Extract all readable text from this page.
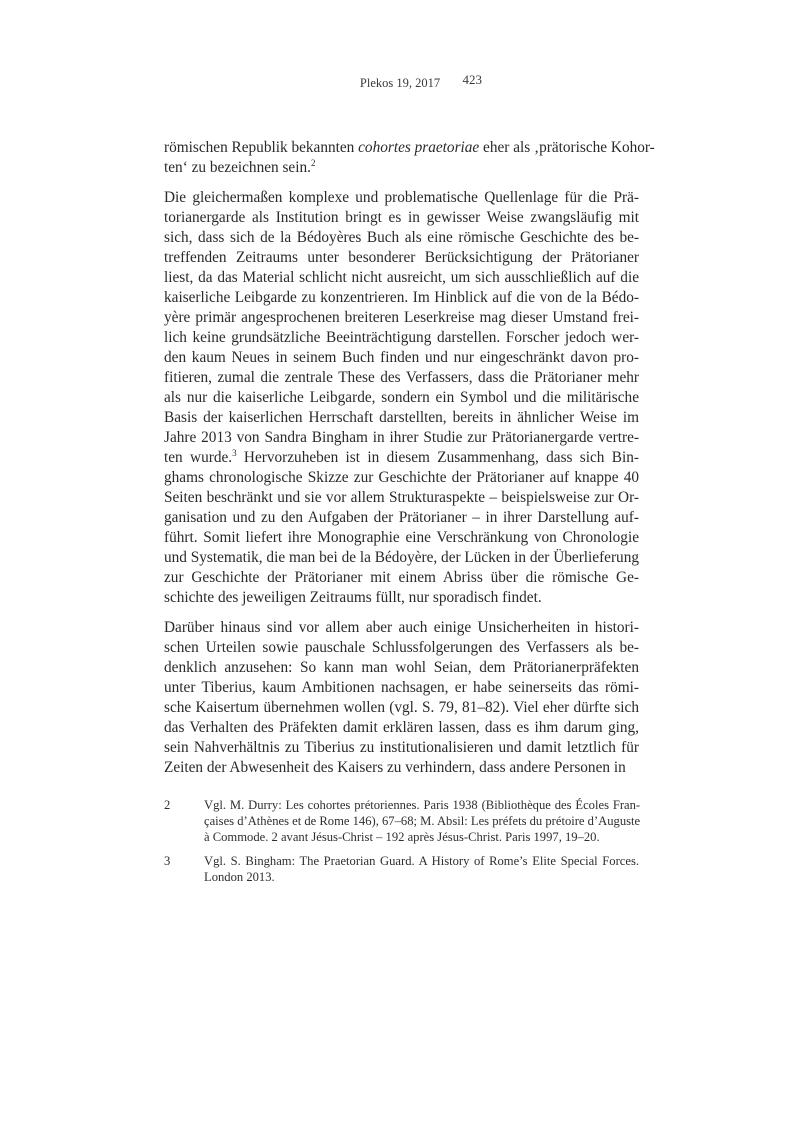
Plekos 19, 2017	423

römischen Republik bekannten cohortes praetoriae eher als ‚prätorische Kohor-
ten‘ zu bezeichnen sein.$^2$

Die gleichermaßen komplexe und problematische Quellenlage für die Prä-
torianergarde als Institution bringt es in gewisser Weise zwangsläufig mit
sich, dass sich de la Bédoyères Buch als eine römische Geschichte des be-
treffenden Zeitraums unter besonderer Berücksichtigung der Prätorianer
liest, da das Material schlicht nicht ausreicht, um sich ausschließlich auf die
kaiserliche Leibgarde zu konzentrieren. Im Hinblick auf die von de la Bédo-
yère primär angesprochenen breiteren Leserkreise mag dieser Umstand frei-
lich keine grundsätzliche Beeinträchtigung darstellen. Forscher jedoch wer-
den kaum Neues in seinem Buch finden und nur eingeschränkt davon pro-
fitieren, zumal die zentrale These des Verfassers, dass die Prätorianer mehr
als nur die kaiserliche Leibgarde, sondern ein Symbol und die militärische
Basis der kaiserlichen Herrschaft darstellten, bereits in ähnlicher Weise im
Jahre 2013 von Sandra Bingham in ihrer Studie zur Prätorianergarde vertre-
ten wurde.$^3$ Hervorzuheben ist in diesem Zusammenhang, dass sich Bin-
ghams chronologische Skizze zur Geschichte der Prätorianer auf knappe 40
Seiten beschränkt und sie vor allem Strukturaspekte – beispielsweise zur Or-
ganisation und zu den Aufgaben der Prätorianer – in ihrer Darstellung auf-
führt. Somit liefert ihre Monographie eine Verschränkung von Chronologie
und Systematik, die man bei de la Bédoyère, der Lücken in der Überlieferung
zur Geschichte der Prätorianer mit einem Abriss über die römische Ge-
schichte des jeweiligen Zeitraums füllt, nur sporadisch findet.

Darüber hinaus sind vor allem aber auch einige Unsicherheiten in histori-
schen Urteilen sowie pauschale Schlussfolgerungen des Verfassers als be-
denklich anzusehen: So kann man wohl Seian, dem Prätorianerpräfekten
unter Tiberius, kaum Ambitionen nachsagen, er habe seinerseits das römi-
sche Kaisertum übernehmen wollen (vgl. S. 79, 81–82). Viel eher dürfte sich
das Verhalten des Präfekten damit erklären lassen, dass es ihm darum ging,
sein Nahverhältnis zu Tiberius zu institutionalisieren und damit letztlich für
Zeiten der Abwesenheit des Kaisers zu verhindern, dass andere Personen in

2	Vgl. M. Durry: Les cohortes prétoriennes. Paris 1938 (Bibliothèque des Écoles Fran-
çaises d’Athènes et de Rome 146), 67–68; M. Absil: Les préfets du prétoire d’Auguste
à Commode. 2 avant Jésus-Christ – 192 après Jésus-Christ. Paris 1997, 19–20.
3	Vgl. S. Bingham: The Praetorian Guard. A History of Rome’s Elite Special Forces.
London 2013.
